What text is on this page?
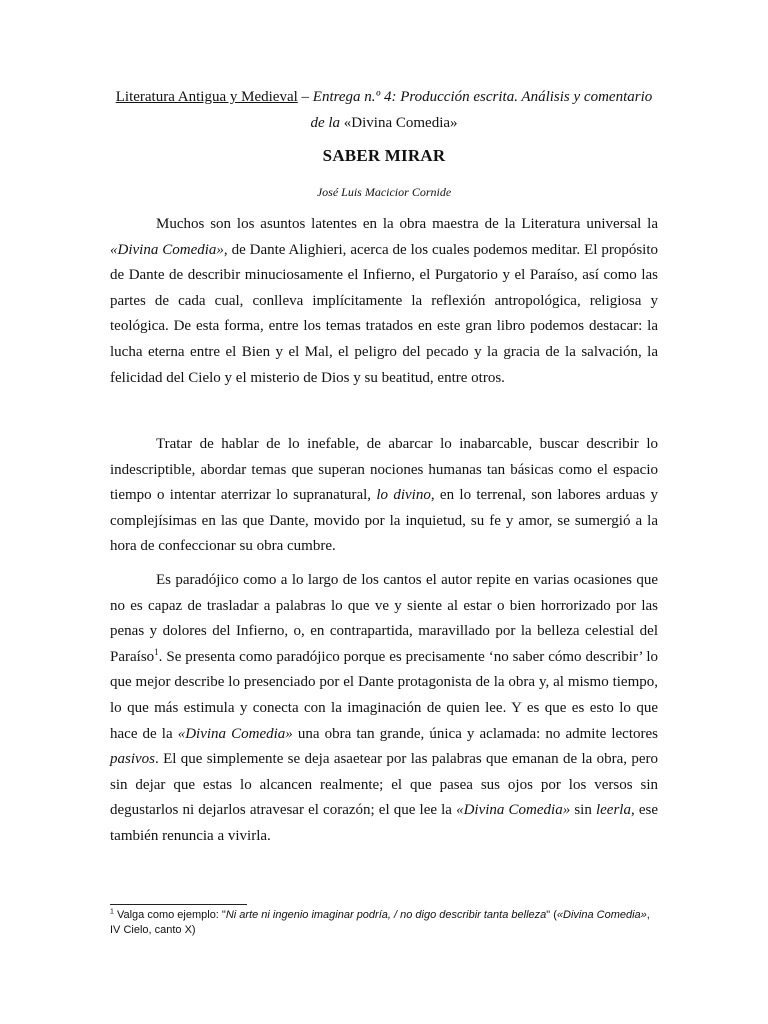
Literatura Antigua y Medieval – Entrega n.º 4: Producción escrita. Análisis y comentario de la «Divina Comedia»
SABER MIRAR
José Luis Macicior Cornide

Muchos son los asuntos latentes en la obra maestra de la Literatura universal la «Divina Comedia», de Dante Alighieri, acerca de los cuales podemos meditar. El propósito de Dante de describir minuciosamente el Infierno, el Purgatorio y el Paraíso, así como las partes de cada cual, conlleva implícitamente la reflexión antropológica, religiosa y teológica. De esta forma, entre los temas tratados en este gran libro podemos destacar: la lucha eterna entre el Bien y el Mal, el peligro del pecado y la gracia de la salvación, la felicidad del Cielo y el misterio de Dios y su beatitud, entre otros.

Tratar de hablar de lo inefable, de abarcar lo inabarcable, buscar describir lo indescriptible, abordar temas que superan nociones humanas tan básicas como el espacio tiempo o intentar aterrizar lo supranatural, lo divino, en lo terrenal, son labores arduas y complejísimas en las que Dante, movido por la inquietud, su fe y amor, se sumergió a la hora de confeccionar su obra cumbre.

Es paradójico como a lo largo de los cantos el autor repite en varias ocasiones que no es capaz de trasladar a palabras lo que ve y siente al estar o bien horrorizado por las penas y dolores del Infierno, o, en contrapartida, maravillado por la belleza celestial del Paraíso$^1$. Se presenta como paradójico porque es precisamente ‘no saber cómo describir’ lo que mejor describe lo presenciado por el Dante protagonista de la obra y, al mismo tiempo, lo que más estimula y conecta con la imaginación de quien lee. Y es que es esto lo que hace de la «Divina Comedia» una obra tan grande, única y aclamada: no admite lectores pasivos. El que simplemente se deja asaetear por las palabras que emanan de la obra, pero sin dejar que estas lo alcancen realmente; el que pasea sus ojos por los versos sin degustarlos ni dejarlos atravesar el corazón; el que lee la «Divina Comedia» sin leerla, ese también renuncia a vivirla.

$^1$ Valga como ejemplo: "Ni arte ni ingenio imaginar podría, / no digo describir tanta belleza" («Divina Comedia», IV Cielo, canto X)
